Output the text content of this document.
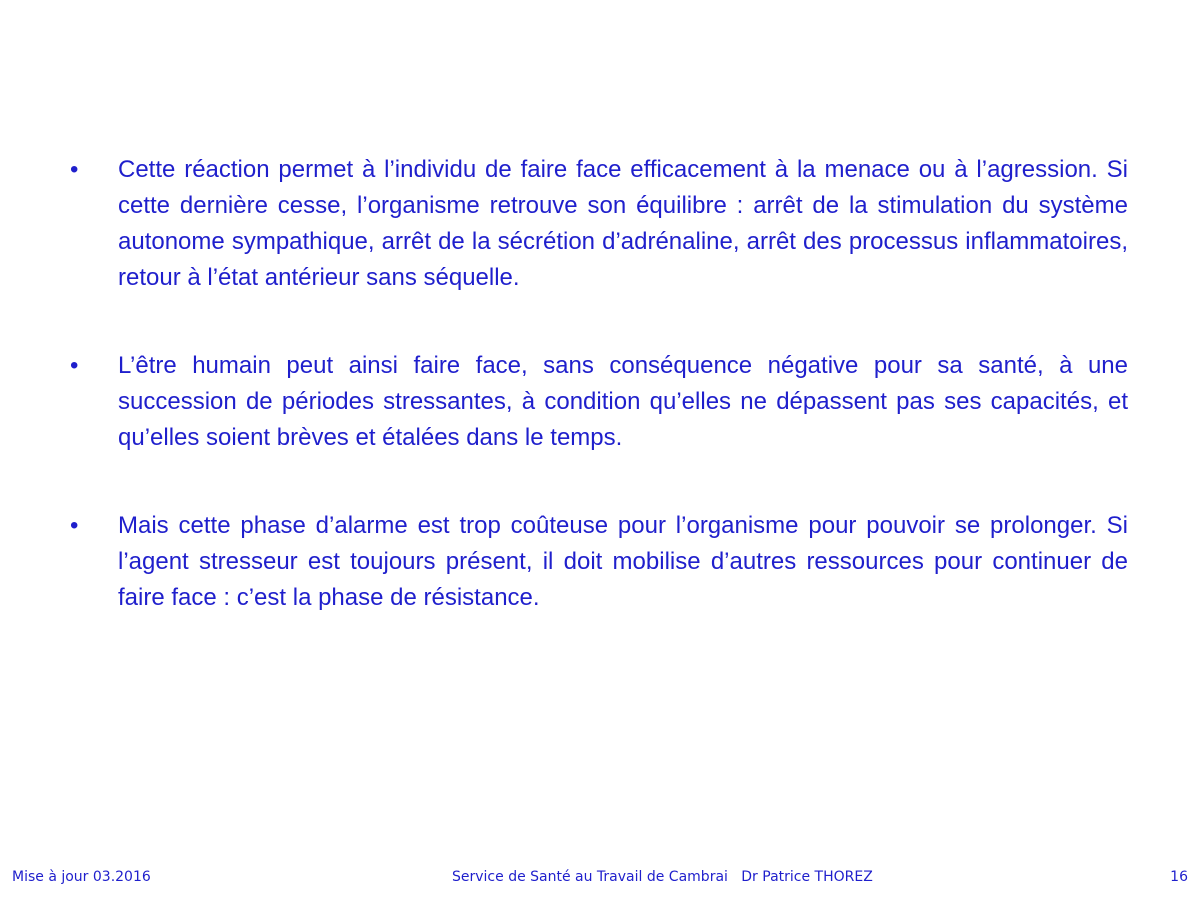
• Cette réaction permet à l’individu de faire face efficacement à la menace ou à l’agression. Si cette dernière cesse, l’organisme retrouve son équilibre : arrêt de la stimulation du système autonome sympathique, arrêt de la sécrétion d’adrénaline, arrêt des processus inflammatoires, retour à l’état antérieur sans séquelle.
• L’être humain peut ainsi faire face, sans conséquence négative pour sa santé, à une succession de périodes stressantes, à condition qu’elles ne dépassent pas ses capacités, et qu’elles soient brèves et étalées dans le temps.
• Mais cette phase d’alarme est trop coûteuse pour l’organisme pour pouvoir se prolonger. Si l’agent stresseur est toujours présent, il doit mobilise d’autres ressources pour continuer de faire face : c’est la phase de résistance.
Mise à jour 03.2016	Service de Santé au Travail de Cambrai   Dr Patrice THOREZ	16
